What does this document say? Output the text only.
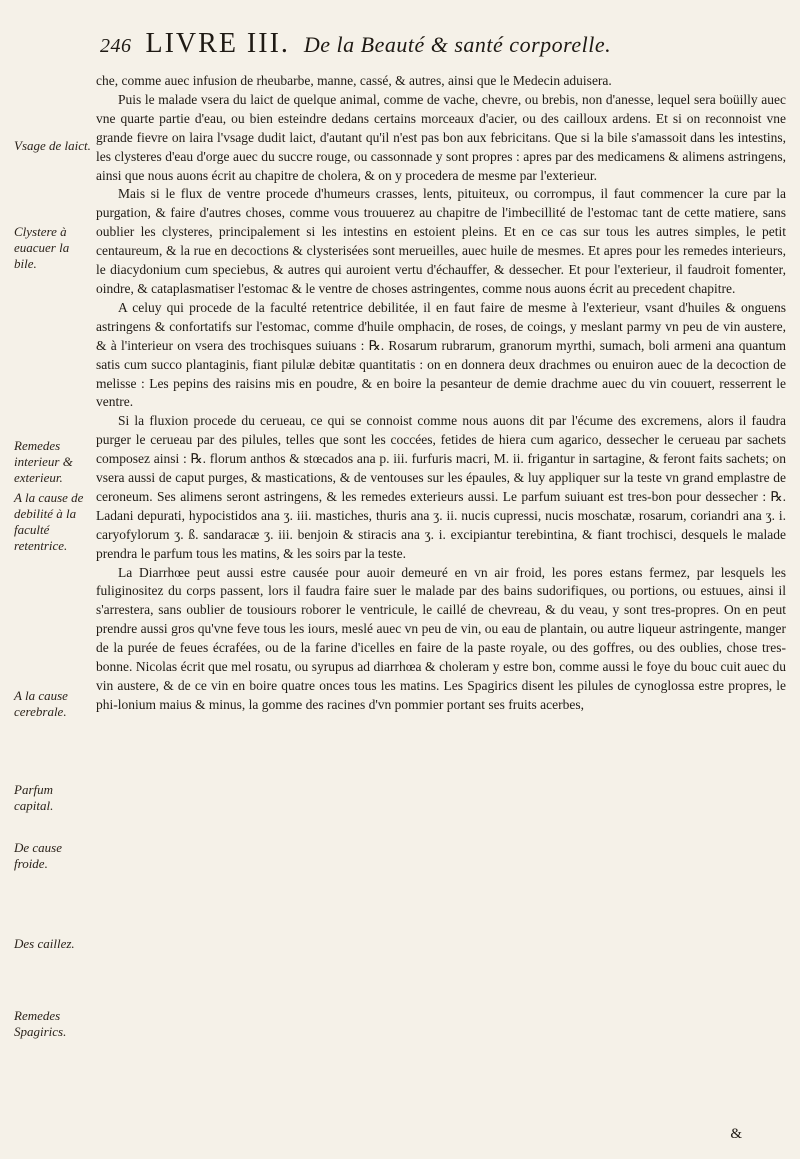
246 LIVRE III. De la Beauté & santé corporelle.
Vsage de laict.
Clystere à euacuer la bile.
Remedes interieur & exterieur.
A la cause de debilité à la faculté retentrice.
A la cause cerebrale.
Parfum capital.
De cause froide.
Des caillez.
Remedes Spagirics.

che, comme auec infusion de rheubarbe, manne, cassé, & autres, ainsi que le Medecin aduisera.

Puis le malade vsera du laict de quelque animal, comme de vache, chevre, ou brebis, non d'anesse, lequel sera boüilly auec vne quarte partie d'eau, ou bien esteindre dedans certains morceaux d'acier, ou des cailloux ardens. Et si on reconnoist vne grande fievre on laira l'vsage dudit laict, d'autant qu'il n'est pas bon aux febricitans. Que si la bile s'amassoit dans les intestins, les clysteres d'eau d'orge auec du succre rouge, ou cassonnade y sont propres : apres par des medicamens & alimens astringens, ainsi que nous auons écrit au chapitre de cholera, & on y procedera de mesme par l'exterieur.

Mais si le flux de ventre procede d'humeurs crasses, lents, pituiteux, ou corrompus, il faut commencer la cure par la purgation, & faire d'autres choses, comme vous trouuerez au chapitre de l'imbecillité de l'estomac tant de cette matiere, sans oublier les clysteres, principalement si les intestins en estoient pleins. Et en ce cas sur tous les autres simples, le petit centaureum, & la rue en decoctions & clysterisées sont merueilles, auec huile de mesmes. Et apres pour les remedes interieurs, le diacydonium cum speciebus, & autres qui auroient vertu d'échauffer, & dessecher. Et pour l'exterieur, il faudroit fomenter, oindre, & cataplasmatiser l'estomac & le ventre de choses astringentes, comme nous auons écrit au precedent chapitre.

A celuy qui procede de la faculté retentrice debilitée, il en faut faire de mesme à l'exterieur, vsant d'huiles & onguens astringens & confortatifs sur l'estomac, comme d'huile omphacin, de roses, de coings, y meslant parmy vn peu de vin austere, & à l'interieur on vsera des trochisques suiuans : ℞. Rosarum rubrarum, granorum myrthi, sumach, boli armeni ana quantum satis cum succo plantaginis, fiant pilulæ debitæ quantitatis : on en donnera deux drachmes ou enuiron auec de la decoction de melisse : Les pepins des raisins mis en poudre, & en boire la pesanteur de demie drachme auec du vin couuert, resserrent le ventre.

Si la fluxion procede du cerueau, ce qui se connoist comme nous auons dit par l'écume des excremens, alors il faudra purger le cerueau par des pilules, telles que sont les coccées, fetides de hiera cum agarico, dessecher le cerueau par sachets composez ainsi : ℞. florum anthos & stœcados ana p. iii. furfuris macri, M. ii. frigantur in sartagine, & feront faits sachets; on vsera aussi de caput purges, & mastications, & de ventouses sur les épaules, & luy appliquer sur la teste vn grand emplastre de ceroneum. Ses alimens seront astringens, & les remedes exterieurs aussi. Le parfum suiuant est tres-bon pour dessecher : ℞. Ladani depurati, hypocistidos ana ʒ. iii. mastiches, thuris ana ʒ. ii. nucis cupressi, nucis moschatæ, rosarum, coriandri ana ʒ. i. caryofylorum ʒ. ß. sandaracæ ʒ. iii. benjoin & stiracis ana ʒ. i. excipiantur terebintina, & fiant trochisci, desquels le malade prendra le parfum tous les matins, & les soirs par la teste.

La Diarrhœe peut aussi estre causée pour auoir demeuré en vn air froid, les pores estans fermez, par lesquels les fuliginositez du corps passent, lors il faudra faire suer le malade par des bains sudorifiques, ou portions, ou estuues, ainsi il s'arrestera, sans oublier de tousiours roborer le ventricule, le caillé de chevreau, & du veau, y sont tres-propres. On en peut prendre aussi gros qu'vne feve tous les iours, meslé auec vn peu de vin, ou eau de plantain, ou autre liqueur astringente, manger de la purée de feues écrafées, ou de la farine d'icelles en faire de la paste royale, ou des goffres, ou des oublies, chose tres-bonne. Nicolas écrit que mel rosatu, ou syrupus ad diarrhœa & choleram y estre bon, comme aussi le foye du bouc cuit auec du vin austere, & de ce vin en boire quatre onces tous les matins. Les Spagirics disent les pilules de cynoglossa estre propres, le phi-lonium maius & minus, la gomme des racines d'vn pommier portant ses fruits acerbes,

&
